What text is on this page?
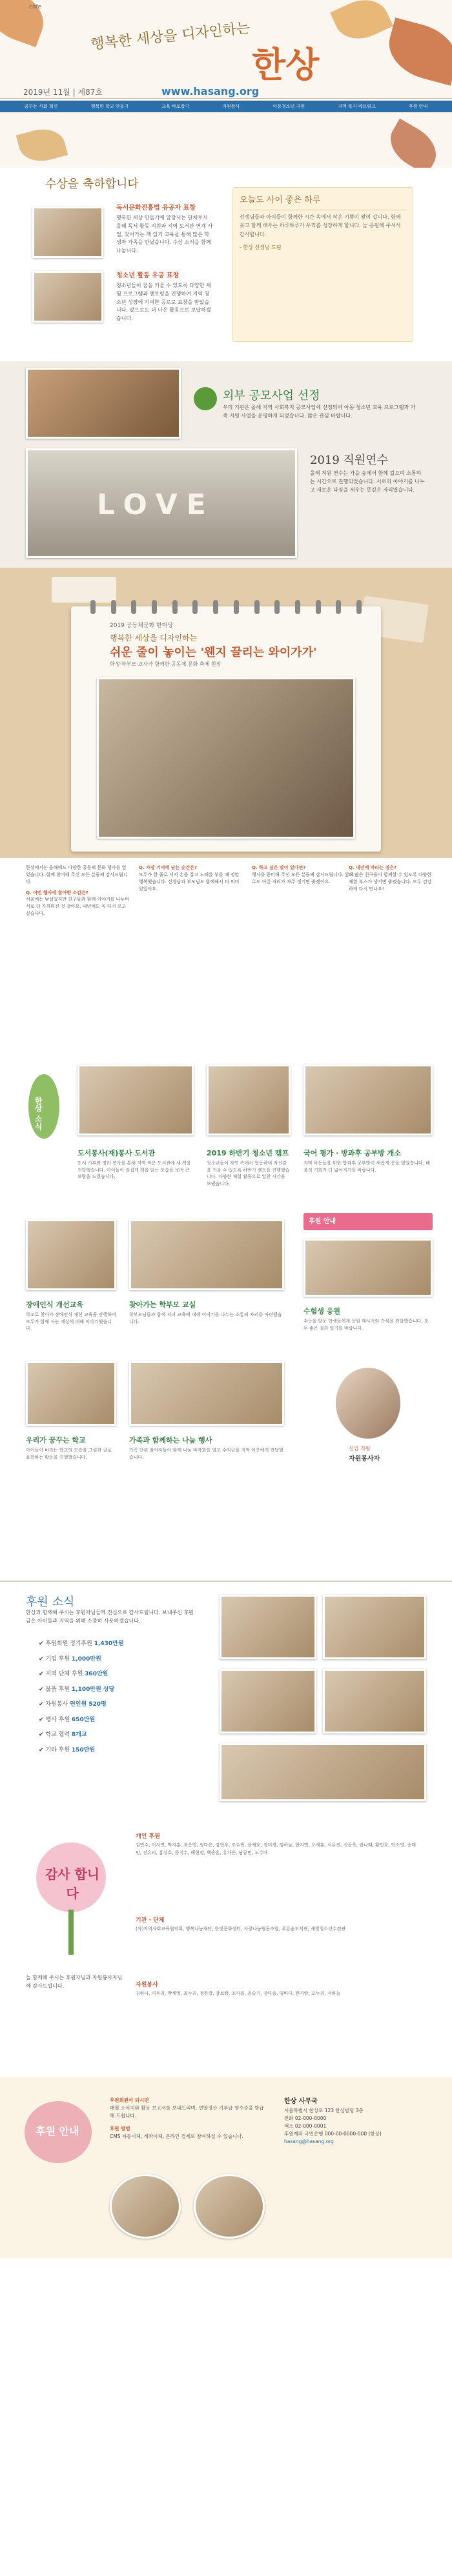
cafe
행복한 세상을 디자인하는
한상
2019년 11월 | 제87호	www.hasang.org
꿈꾸는 사회 혁신	행복한 학교 만들기	교육 바로잡기	자원봉사	아동청소년 지원	지역 복지 네트워크	후원 안내
수상을 축하합니다
독서문화진흥법 유공자 표창
행복한 세상 만들기에 앞장서는 단체로서 올해 독서 활동 지원과 지역 도서관 연계 사업, 찾아가는 책 읽기 교육을 통해 많은 학생과 가족을 만났습니다. 수상 소식을 함께 나눕니다.
청소년 활동 유공 표창
청소년들이 꿈을 키울 수 있도록 다양한 체험 프로그램과 멘토링을 진행하여 지역 청소년 성장에 기여한 공로로 표창을 받았습니다. 앞으로도 더 나은 활동으로 보답하겠습니다.
오늘도 사이 좋은 하루
선생님들과 아이들이 함께한 시간 속에서 작은 기쁨이 쌓여 갑니다. 함께 웃고 함께 배우는 하루하루가 우리를 성장하게 합니다. 늘 응원해 주셔서 감사합니다.
- 한상 선생님 드림
외부 공모사업 선정
우리 기관은 올해 지역 사회복지 공모사업에 선정되어 아동·청소년 교육 프로그램과 가족 지원 사업을 운영하게 되었습니다. 많은 관심 바랍니다.
LOVE
2019 직원연수
올해 직원 연수는 가을 숲에서 함께 걸으며 소통하는 시간으로 진행되었습니다. 서로의 이야기를 나누고 새로운 다짐을 세우는 뜻깊은 자리였습니다.
2019 공동체문화 한마당
행복한 세상을 디자인하는
쉬운 줄이 놓이는 '웬지 끌리는 와이가가'
학생·학부모·교사가 함께한 공동체 문화 축제 현장
한상에서는 올해에도 다양한 공동체 문화 행사를 열었습니다. 함께 참여해 주신 모든 분들께 감사드립니다.
Q. 이번 행사에 참여한 소감은?
처음에는 낯설었지만 친구들과 함께 이야기를 나누며 서로 더 가까워진 것 같아요. 내년에도 꼭 다시 오고 싶습니다.
Q. 가장 기억에 남는 순간은?
모두가 한 줄로 서서 손을 잡고 노래를 부를 때 정말 행복했습니다. 선생님과 부모님도 함께해서 더 의미 있었어요.
Q. 하고 싶은 말이 있다면?
행사를 준비해 주신 모든 분들께 감사드립니다. 앞으로도 이런 자리가 자주 생기면 좋겠어요.
Q. 내년에 바라는 점은?
더 많은 친구들이 함께할 수 있도록 다양한 체험 부스가 생기면 좋겠습니다. 모두 건강하게 다시 만나요!
한상 소식
도서봉사(재)봉사 도서관
도서 기부와 정리 봉사를 통해 지역 작은 도서관에 새 책을 전달했습니다. 아이들이 즐겁게 책을 읽는 모습을 보며 큰 보람을 느꼈습니다.
2019 하반기 청소년 캠프
청소년들이 자연 속에서 협동하며 자신감을 키울 수 있도록 하반기 캠프를 진행했습니다. 다양한 체험 활동으로 알찬 시간을 보냈습니다.
국어 평가 · 방과후 공부방 개소
지역 아동들을 위한 방과후 공부방이 새롭게 문을 열었습니다. 배움의 기회가 더 넓어지기를 바랍니다.
후원 안내
장애인식 개선교육
학교로 찾아가 장애인식 개선 교육을 진행하며 모두가 함께 사는 세상에 대해 이야기했습니다.
찾아가는 학부모 교실
학부모님들과 함께 자녀 교육에 대해 이야기를 나누는 소통의 자리를 마련했습니다.
수험생 응원
수능을 앞둔 학생들에게 응원 메시지와 간식을 전달했습니다. 모두 좋은 결과 있기를 바랍니다.
신입 직원
자원봉사자
우리가 꿈꾸는 학교
아이들이 바라는 학교의 모습을 그림과 글로 표현하는 활동을 진행했습니다.
가족과 함께하는 나눔 행사
가족 단위 참여자들이 함께 나눔 바자회를 열고 수익금을 지역 이웃에게 전달했습니다.
후원 소식
한상과 함께해 주시는 후원자님들께 진심으로 감사드립니다. 보내주신 후원금은 아이들과 지역을 위해 소중히 사용하겠습니다.
✔ 후원회원 정기후원 1,430만원
✔ 기업 후원 1,000만원
✔ 지역 단체 후원 360만원
✔ 물품 후원 1,100만원 상당
✔ 자원봉사 연인원 520명
✔ 행사 후원 650만원
✔ 학교 협력 8개교
✔ 기타 후원 150만원
감사 합니다
늘 함께해 주시는 후원자님과 자원봉사자님께 감사드립니다.
개인 후원
김민수, 이서연, 박지훈, 최은영, 정다은, 강현우, 조수빈, 윤재호, 장미경, 임하늘, 한지민, 오세훈, 서유진, 신동욱, 권나래, 황민호, 안소영, 송태민, 전유리, 홍성호, 문지수, 배현정, 백승훈, 유가은, 남궁민, 노수아
기관 · 단체
(사)지역사회교육협의회, 행복나눔재단, 한빛문화센터, 사랑나눔협동조합, 푸른숲도서관, 새빛청소년수련관
자원봉사
김하나, 이두리, 박세영, 최누리, 정한결, 강보람, 조아름, 윤슬기, 장다솜, 임바다, 한가람, 오누리, 서하늘
후원 안내
후원회원이 되시면
매월 소식지와 활동 보고서를 보내드리며, 연말정산 기부금 영수증을 발급해 드립니다.
후원 방법
CMS 자동이체, 계좌이체, 온라인 결제로 참여하실 수 있습니다.
한상 사무국
서울특별시 한상로 123 한상빌딩 3층
전화 02-000-0000
팩스 02-000-0001
후원계좌 국민은행 000-00-0000-000 (한상)
hasang@hasang.org
